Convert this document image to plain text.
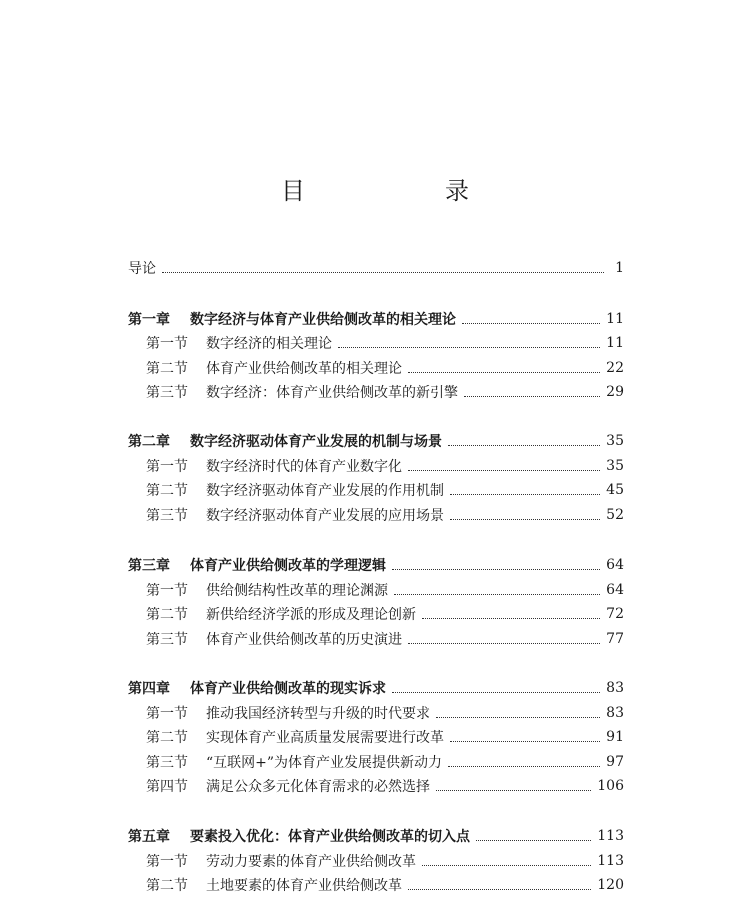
目　录
导论	1
第一章 数字经济与体育产业供给侧改革的相关理论	11
第一节 数字经济的相关理论	11
第二节 体育产业供给侧改革的相关理论	22
第三节 数字经济：体育产业供给侧改革的新引擎	29
第二章 数字经济驱动体育产业发展的机制与场景	35
第一节 数字经济时代的体育产业数字化	35
第二节 数字经济驱动体育产业发展的作用机制	45
第三节 数字经济驱动体育产业发展的应用场景	52
第三章 体育产业供给侧改革的学理逻辑	64
第一节 供给侧结构性改革的理论渊源	64
第二节 新供给经济学派的形成及理论创新	72
第三节 体育产业供给侧改革的历史演进	77
第四章 体育产业供给侧改革的现实诉求	83
第一节 推动我国经济转型与升级的时代要求	83
第二节 实现体育产业高质量发展需要进行改革	91
第三节 “互联网+”为体育产业发展提供新动力	97
第四节 满足公众多元化体育需求的必然选择	106
第五章 要素投入优化：体育产业供给侧改革的切入点	113
第一节 劳动力要素的体育产业供给侧改革	113
第二节 土地要素的体育产业供给侧改革	120
